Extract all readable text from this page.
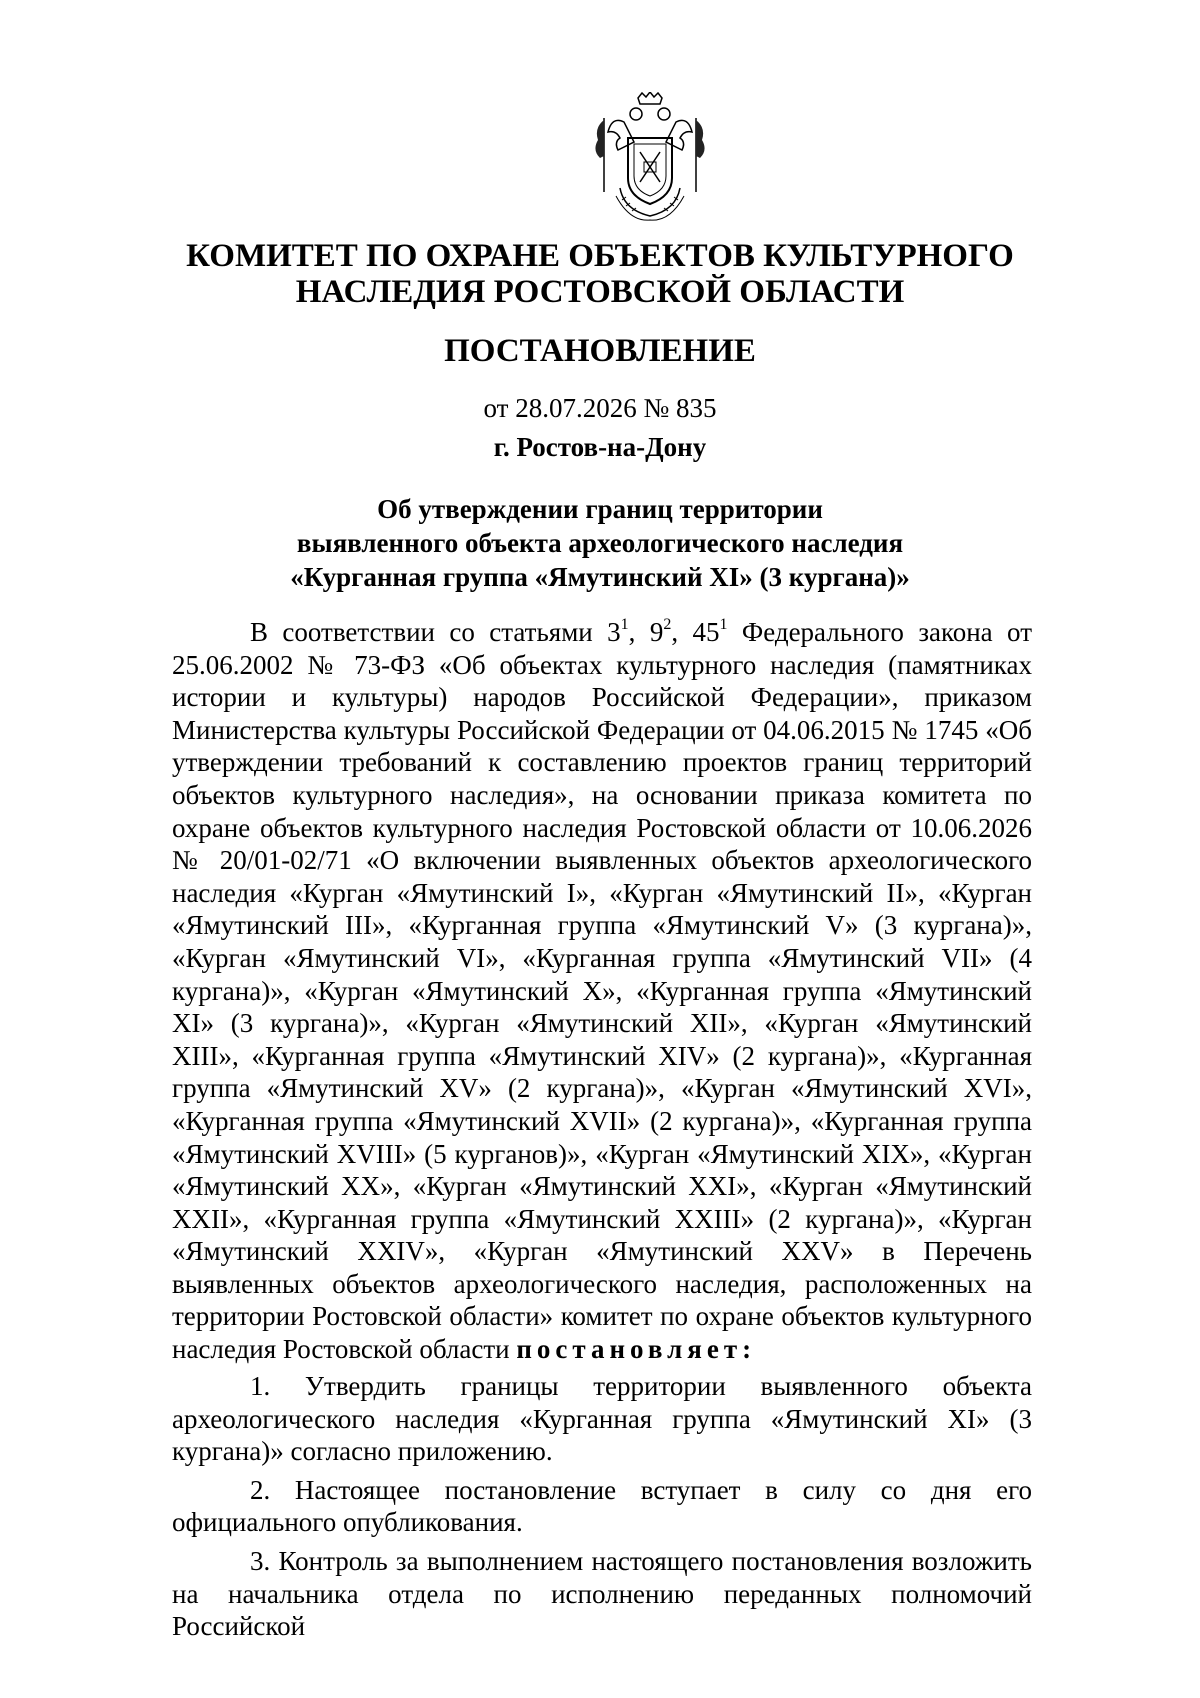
КОМИТЕТ ПО ОХРАНЕ ОБЪЕКТОВ КУЛЬТУРНОГО
НАСЛЕДИЯ РОСТОВСКОЙ ОБЛАСТИ
ПОСТАНОВЛЕНИЕ
от 28.07.2026 № 835
г. Ростов-на-Дону
Об утверждении границ территории
выявленного объекта археологического наследия
«Курганная группа «Ямутинский XI» (3 кургана)»

В соответствии со статьями $3^1$, $9^2$, $45^1$ Федерального закона от 25.06.2002 № 73-ФЗ «Об объектах культурного наследия (памятниках истории и культуры) народов Российской Федерации», приказом Министерства культуры Российской Федерации от 04.06.2015 № 1745 «Об утверждении требований к составлению проектов границ территорий объектов культурного наследия», на основании приказа комитета по охране объектов культурного наследия Ростовской области от 10.06.2026 № 20/01-02/71 «О включении выявленных объектов археологического наследия «Курган «Ямутинский I», «Курган «Ямутинский II», «Курган «Ямутинский III», «Курганная группа «Ямутинский V» (3 кургана)», «Курган «Ямутинский VI», «Курганная группа «Ямутинский VII» (4 кургана)», «Курган «Ямутинский X», «Курганная группа «Ямутинский XI» (3 кургана)», «Курган «Ямутинский XII», «Курган «Ямутинский XIII», «Курганная группа «Ямутинский XIV» (2 кургана)», «Курганная группа «Ямутинский XV» (2 кургана)», «Курган «Ямутинский XVI», «Курганная группа «Ямутинский XVII» (2 кургана)», «Курганная группа «Ямутинский XVIII» (5 курганов)», «Курган «Ямутинский XIX», «Курган «Ямутинский XX», «Курган «Ямутинский XXI», «Курган «Ямутинский XXII», «Курганная группа «Ямутинский XXIII» (2 кургана)», «Курган «Ямутинский XXIV», «Курган «Ямутинский XXV» в Перечень выявленных объектов археологического наследия, расположенных на территории Ростовской области» комитет по охране объектов культурного наследия Ростовской области постановляет:

1. Утвердить границы территории выявленного объекта археологического наследия «Курганная группа «Ямутинский XI» (3 кургана)» согласно приложению.

2. Настоящее постановление вступает в силу со дня его официального опубликования.

3. Контроль за выполнением настоящего постановления возложить на начальника отдела по исполнению переданных полномочий Российской
